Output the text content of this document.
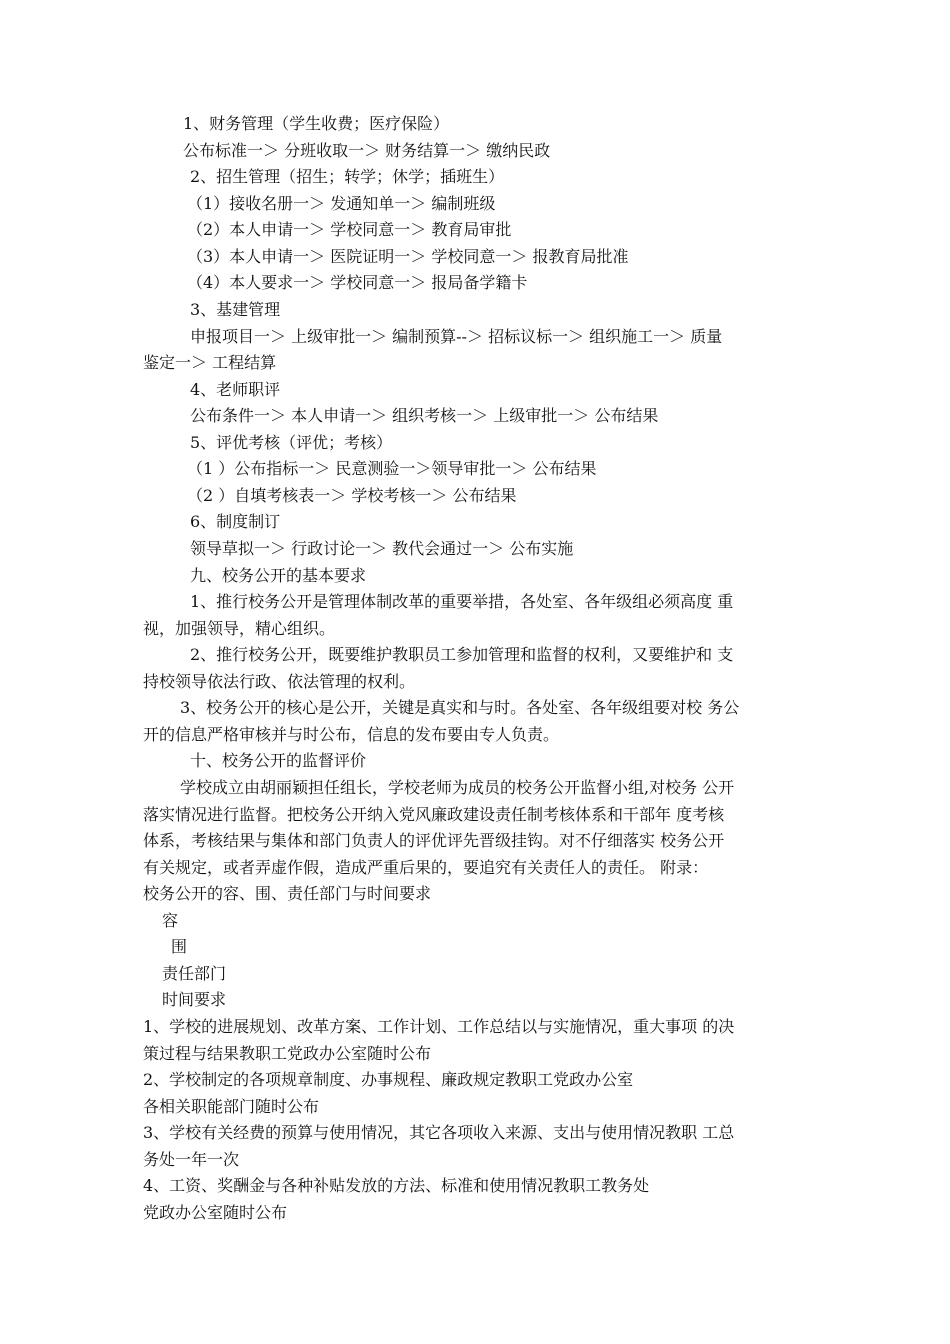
1、财务管理（学生收费；医疗保险）
公布标准一＞ 分班收取一＞ 财务结算一＞ 缴纳民政
2、招生管理（招生；转学；休学；插班生）
（1）接收名册一＞ 发通知单一＞ 编制班级
（2）本人申请一＞ 学校同意一＞ 教育局审批
（3）本人申请一＞ 医院证明一＞ 学校同意一＞ 报教育局批准
（4）本人要求一＞ 学校同意一＞ 报局备学籍卡
3、基建管理
申报项目一＞ 上级审批一＞ 编制预算--＞ 招标议标一＞ 组织施工一＞ 质量
鉴定一＞ 工程结算
4、老师职评
公布条件一＞ 本人申请一＞ 组织考核一＞ 上级审批一＞ 公布结果
5、评优考核（评优；考核）
（1 ）公布指标一＞ 民意测验一＞领导审批一＞ 公布结果
（2 ）自填考核表一＞ 学校考核一＞ 公布结果
6、制度制订
领导草拟一＞ 行政讨论一＞ 教代会通过一＞ 公布实施
九、校务公开的基本要求
1、推行校务公开是管理体制改革的重要举措，各处室、各年级组必须高度 重
视，加强领导，精心组织。
2、推行校务公开，既要维护教职员工参加管理和监督的权利，又要维护和 支
持校领导依法行政、依法管理的权利。
3、校务公开的核心是公开，关键是真实和与时。各处室、各年级组要对校 务公
开的信息严格审核并与时公布，信息的发布要由专人负责。
十、校务公开的监督评价
学校成立由胡丽颖担任组长，学校老师为成员的校务公开监督小组,对校务 公开
落实情况进行监督。把校务公开纳入党风廉政建设责任制考核体系和干部年 度考核
体系，考核结果与集体和部门负责人的评优评先晋级挂钩。对不仔细落实 校务公开
有关规定，或者弄虚作假，造成严重后果的，要追究有关责任人的责任。 附录：
校务公开的容、围、责任部门与时间要求
容
围
责任部门
时间要求
1、学校的进展规划、改革方案、工作计划、工作总结以与实施情况，重大事项 的决
策过程与结果教职工党政办公室随时公布
2、学校制定的各项规章制度、办事规程、廉政规定教职工党政办公室
各相关职能部门随时公布
3、学校有关经费的预算与使用情况，其它各项收入来源、支出与使用情况教职 工总
务处一年一次
4、工资、奖酬金与各种补贴发放的方法、标准和使用情况教职工教务处
党政办公室随时公布
